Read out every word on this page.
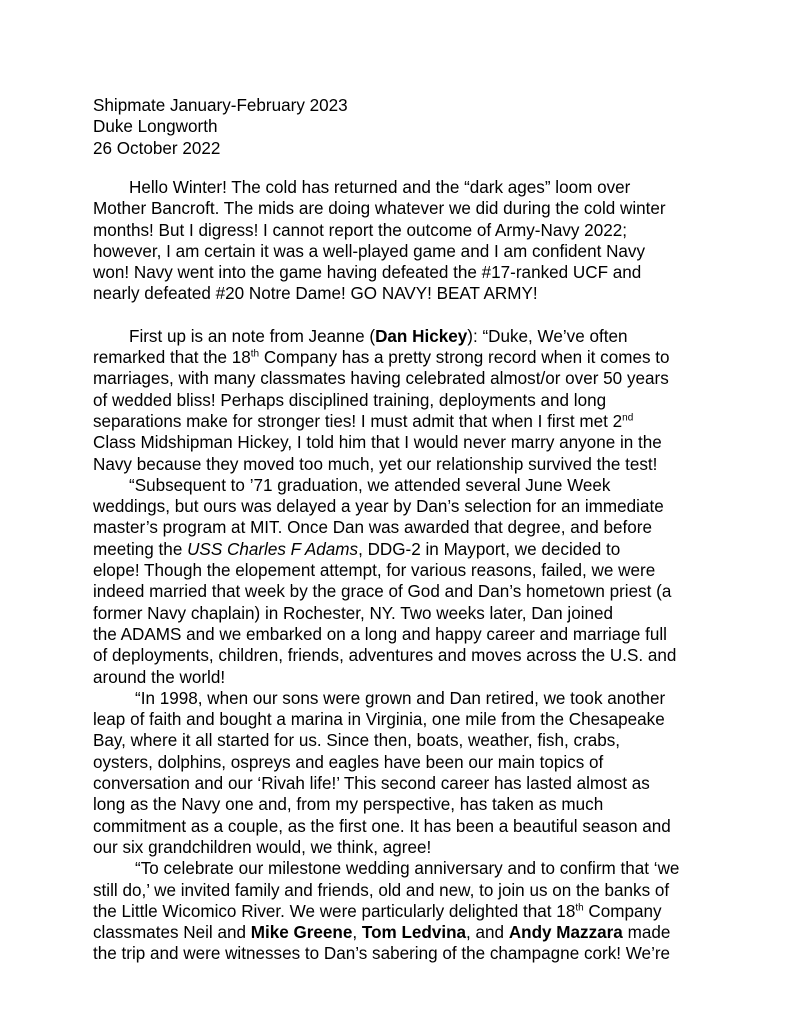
Shipmate January-February 2023
Duke Longworth
26 October 2022
Hello Winter! The cold has returned and the “dark ages” loom over
Mother Bancroft. The mids are doing whatever we did during the cold winter
months! But I digress! I cannot report the outcome of Army-Navy 2022;
however, I am certain it was a well-played game and I am confident Navy
won! Navy went into the game having defeated the #17-ranked UCF and
nearly defeated #20 Notre Dame! GO NAVY! BEAT ARMY!
First up is an note from Jeanne (Dan Hickey): “Duke, We’ve often
remarked that the 18th Company has a pretty strong record when it comes to
marriages, with many classmates having celebrated almost/or over 50 years
of wedded bliss! Perhaps disciplined training, deployments and long
separations make for stronger ties! I must admit that when I first met 2nd
Class Midshipman Hickey, I told him that I would never marry anyone in the
Navy because they moved too much, yet our relationship survived the test!
“Subsequent to ’71 graduation, we attended several June Week
weddings, but ours was delayed a year by Dan’s selection for an immediate
master’s program at MIT. Once Dan was awarded that degree, and before
meeting the USS Charles F Adams, DDG-2 in Mayport, we decided to
elope! Though the elopement attempt, for various reasons, failed, we were
indeed married that week by the grace of God and Dan’s hometown priest (a
former Navy chaplain) in Rochester, NY. Two weeks later, Dan joined
the ADAMS and we embarked on a long and happy career and marriage full
of deployments, children, friends, adventures and moves across the U.S. and
around the world!
“In 1998, when our sons were grown and Dan retired, we took another
leap of faith and bought a marina in Virginia, one mile from the Chesapeake
Bay, where it all started for us. Since then, boats, weather, fish, crabs,
oysters, dolphins, ospreys and eagles have been our main topics of
conversation and our ‘Rivah life!’ This second career has lasted almost as
long as the Navy one and, from my perspective, has taken as much
commitment as a couple, as the first one. It has been a beautiful season and
our six grandchildren would, we think, agree!
“To celebrate our milestone wedding anniversary and to confirm that ‘we
still do,’ we invited family and friends, old and new, to join us on the banks of
the Little Wicomico River. We were particularly delighted that 18th Company
classmates Neil and Mike Greene, Tom Ledvina, and Andy Mazzara made
the trip and were witnesses to Dan’s sabering of the champagne cork! We’re
